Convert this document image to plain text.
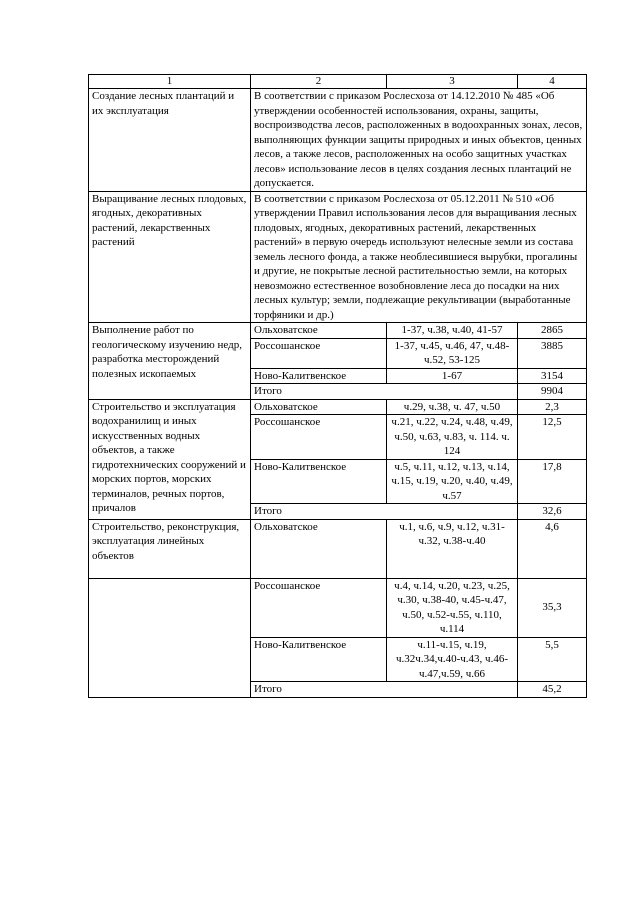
1	2	3	4
Создание лесных плантаций и их эксплуатация	В соответствии с приказом Рослесхоза от 14.12.2010 № 485 «Об утверждении особенностей использования, охраны, защиты, воспроизводства лесов, расположенных в водоохранных зонах, лесов, выполняющих функции защиты природных и иных объектов, ценных лесов, а также лесов, расположенных на особо защитных участках лесов» использование лесов в целях создания лесных плантаций не допускается.		
Выращивание лесных плодовых, ягодных, декоративных растений, лекарственных растений	В соответствии с приказом Рослесхоза от 05.12.2011 № 510 «Об утверждении Правил использования лесов для выращивания лесных плодовых, ягодных, декоративных растений, лекарственных растений» в первую очередь используют нелесные земли из состава земель лесного фонда, а также необлесившиеся вырубки, прогалины и другие, не покрытые лесной растительностью земли, на которых невозможно естественное возобновление леса до посадки на них лесных культур; земли, подлежащие рекультивации (выработанные торфяники и др.)		
Выполнение работ по геологическому изучению недр, разработка месторождений полезных ископаемых	Ольховатское	1-37, ч.38, ч.40, 41-57	2865
	Россошанское	1-37, ч.45, ч.46, 47, ч.48-ч.52, 53-125	3885
	Ново-Калитвенское	1-67	3154
	Итого		9904
Строительство и эксплуатация водохранилищ и иных искусственных водных объектов, а также гидротехнических сооружений и морских портов, морских терминалов, речных портов, причалов	Ольховатское	ч.29, ч.38, ч. 47, ч.50	2,3
	Россошанское	ч.21, ч.22, ч.24, ч.48, ч.49, ч.50, ч.63, ч.83, ч. 114. ч. 124	12,5
	Ново-Калитвенское	ч.5, ч.11, ч.12, ч.13, ч.14, ч.15, ч.19, ч.20, ч.40, ч.49, ч.57	17,8
	Итого		32,6
Строительство, реконструкция, эксплуатация линейных объектов	Ольховатское	ч.1, ч.6, ч.9, ч.12, ч.31-ч.32, ч.38-ч.40	4,6
	Россошанское	ч.4, ч.14, ч.20, ч.23, ч.25, ч.30, ч.38-40, ч.45-ч.47, ч.50, ч.52-ч.55, ч.110, ч.114	35,3
	Ново-Калитвенское	ч.11-ч.15, ч.19, ч.32ч.34,ч.40-ч.43, ч.46-ч.47,ч.59, ч.66	5,5
	Итого		45,2
